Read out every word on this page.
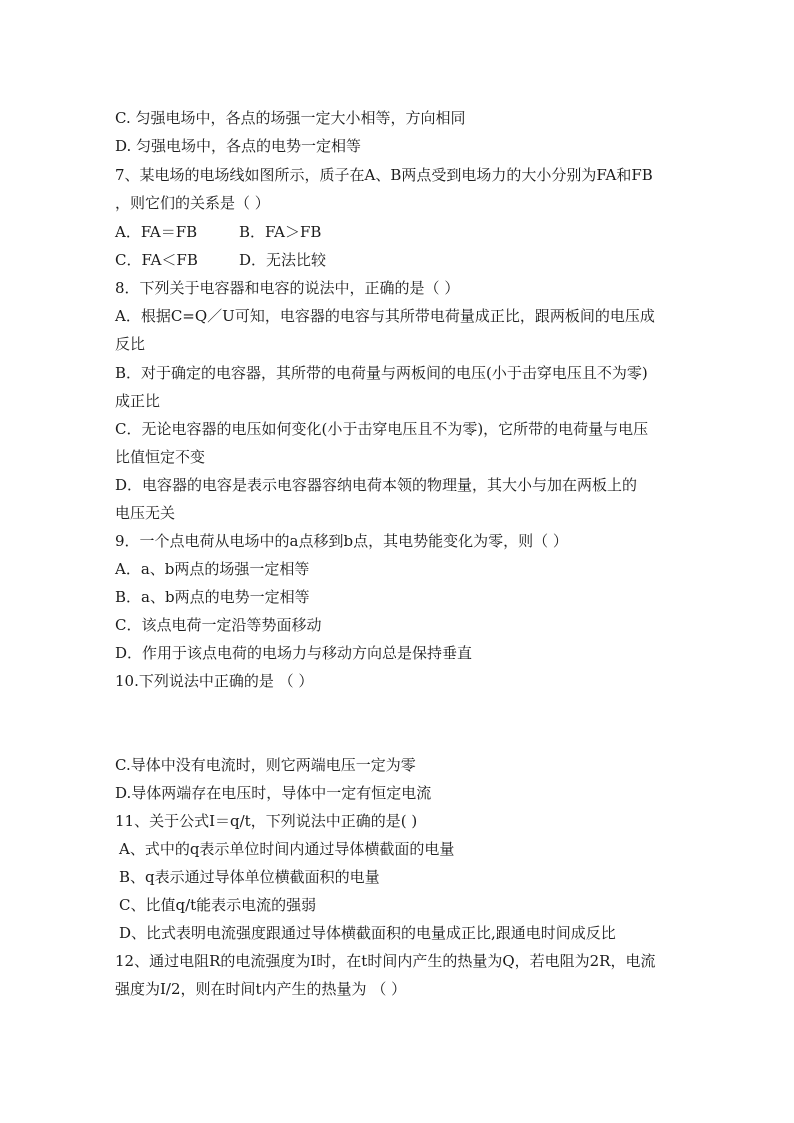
C. 匀强电场中，各点的场强一定大小相等，方向相同
D. 匀强电场中，各点的电势一定相等
7、某电场的电场线如图所示，质子在A、B两点受到电场力的大小分别为FA和FB
，则它们的关系是（ ）
A．FA＝FB	B．FA＞FB
C．FA＜FB	D．无法比较
8．下列关于电容器和电容的说法中，正确的是（ ）
A．根据C=Q／U可知，电容器的电容与其所带电荷量成正比，跟两板间的电压成
反比
B．对于确定的电容器，其所带的电荷量与两板间的电压(小于击穿电压且不为零)
成正比
C．无论电容器的电压如何变化(小于击穿电压且不为零)，它所带的电荷量与电压
比值恒定不变
D．电容器的电容是表示电容器容纳电荷本领的物理量，其大小与加在两板上的
电压无关
9．一个点电荷从电场中的a点移到b点，其电势能变化为零，则（ ）
A．a、b两点的场强一定相等
B．a、b两点的电势一定相等
C．该点电荷一定沿等势面移动
D．作用于该点电荷的电场力与移动方向总是保持垂直
10.下列说法中正确的是 （ ）
C.导体中没有电流时，则它两端电压一定为零
D.导体两端存在电压时，导体中一定有恒定电流
11、关于公式I＝q/t，下列说法中正确的是( )
A、式中的q表示单位时间内通过导体横截面的电量
B、q表示通过导体单位横截面积的电量
C、比值q/t能表示电流的强弱
D、比式表明电流强度跟通过导体横截面积的电量成正比,跟通电时间成反比
12、通过电阻R的电流强度为I时，在t时间内产生的热量为Q，若电阻为2R，电流
强度为I/2，则在时间t内产生的热量为 （ ）
